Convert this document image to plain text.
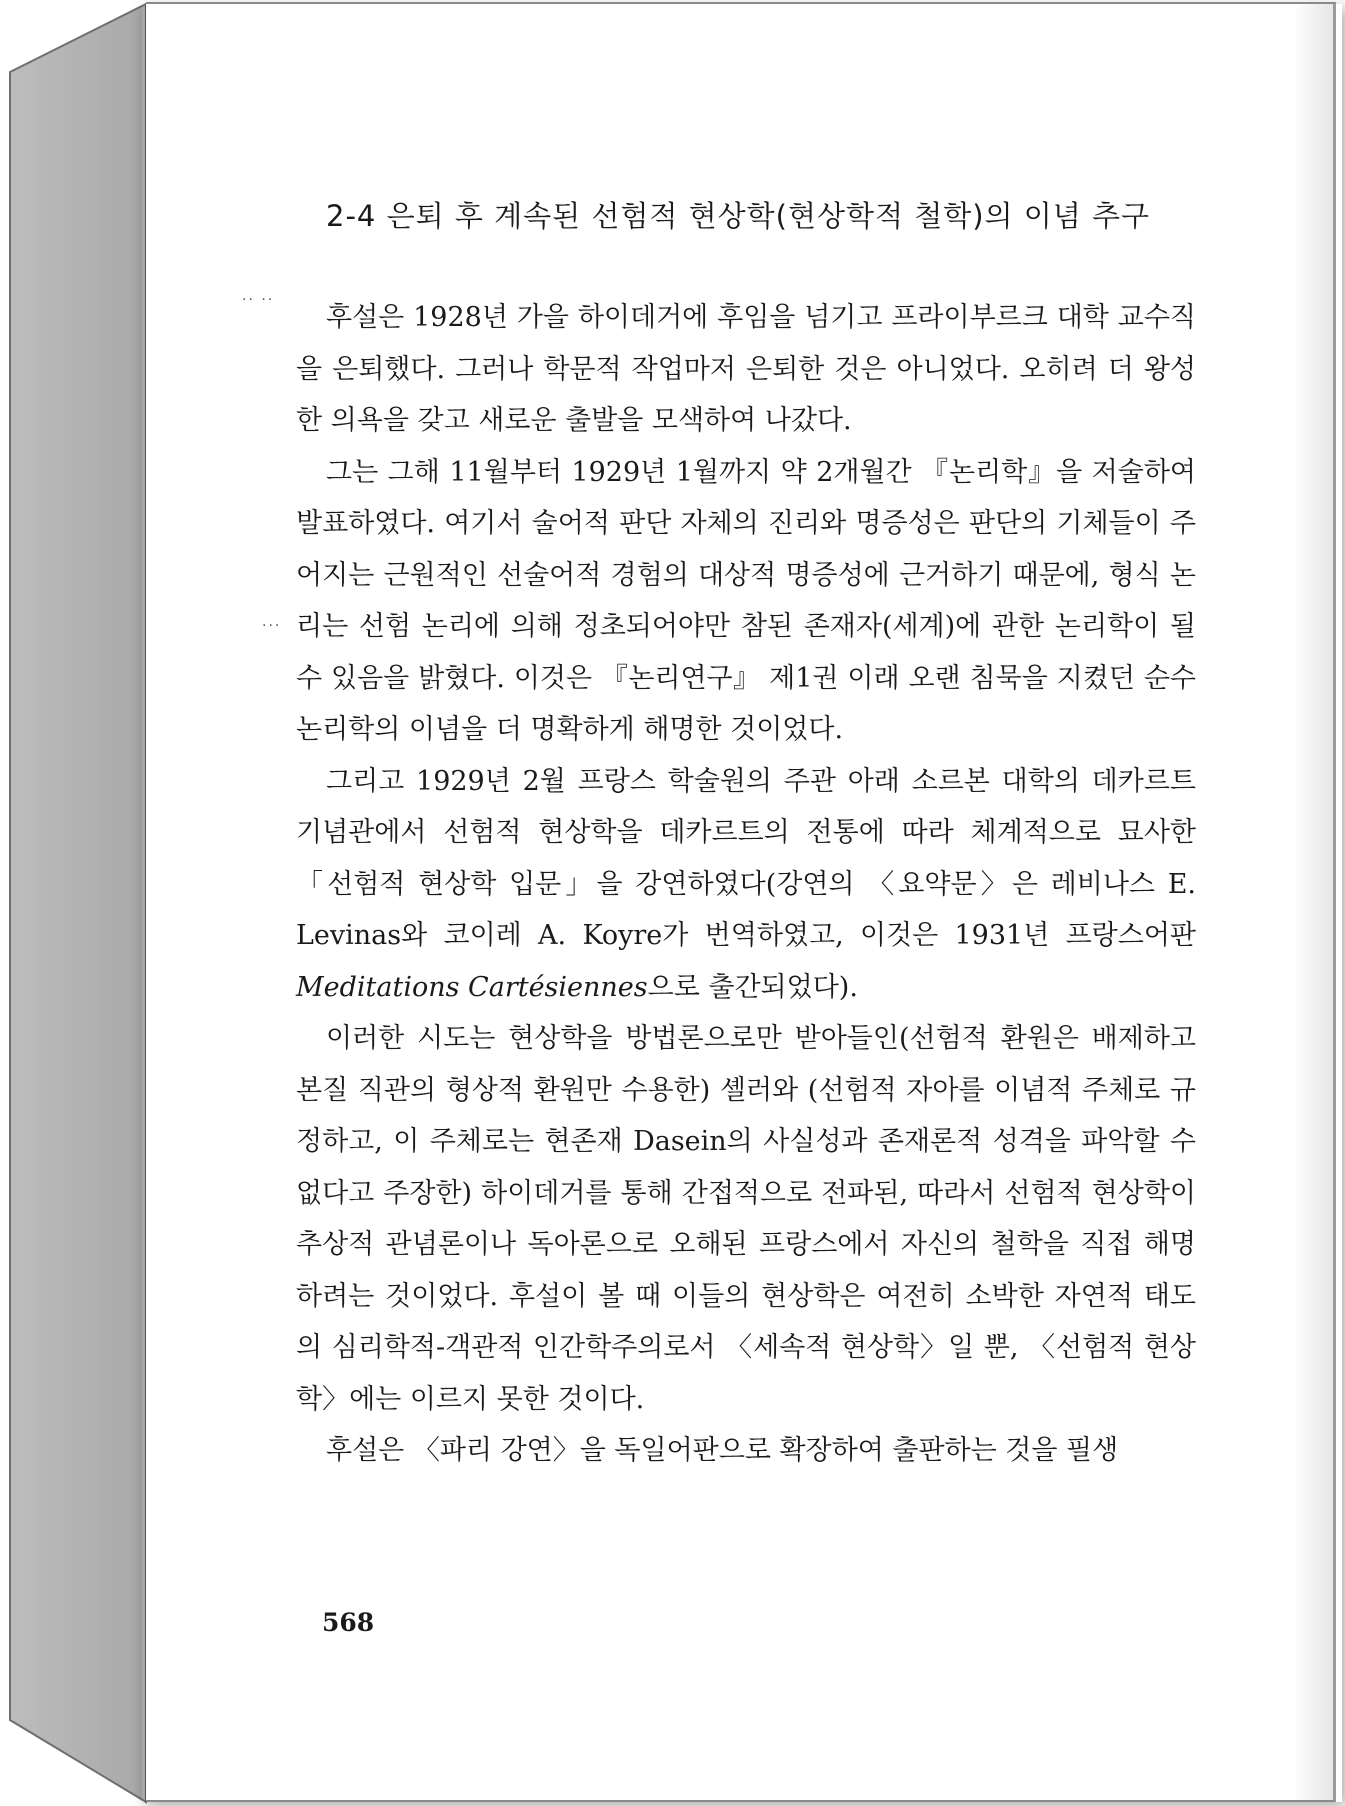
2-4 은퇴 후 계속된 선험적 현상학(현상학적 철학)의 이념 추구

후설은 1928년 가을 하이데거에 후임을 넘기고 프라이부르크 대학 교수직을 은퇴했다. 그러나 학문적 작업마저 은퇴한 것은 아니었다. 오히려 더 왕성한 의욕을 갖고 새로운 출발을 모색하여 나갔다.

그는 그해 11월부터 1929년 1월까지 약 2개월간 『논리학』을 저술하여 발표하였다. 여기서 술어적 판단 자체의 진리와 명증성은 판단의 기체들이 주어지는 근원적인 선술어적 경험의 대상적 명증성에 근거하기 때문에, 형식 논리는 선험 논리에 의해 정초되어야만 참된 존재자(세계)에 관한 논리학이 될 수 있음을 밝혔다. 이것은 『논리연구』 제1권 이래 오랜 침묵을 지켰던 순수 논리학의 이념을 더 명확하게 해명한 것이었다.

그리고 1929년 2월 프랑스 학술원의 주관 아래 소르본 대학의 데카르트 기념관에서 선험적 현상학을 데카르트의 전통에 따라 체계적으로 묘사한 「선험적 현상학 입문」을 강연하였다(강연의 〈요약문〉은 레비나스 E. Levinas와 코이레 A. Koyre가 번역하였고, 이것은 1931년 프랑스어판 Meditations Cartésiennes으로 출간되었다).

이러한 시도는 현상학을 방법론으로만 받아들인(선험적 환원은 배제하고 본질 직관의 형상적 환원만 수용한) 셸러와 (선험적 자아를 이념적 주체로 규정하고, 이 주체로는 현존재 Dasein의 사실성과 존재론적 성격을 파악할 수 없다고 주장한) 하이데거를 통해 간접적으로 전파된, 따라서 선험적 현상학이 추상적 관념론이나 독아론으로 오해된 프랑스에서 자신의 철학을 직접 해명하려는 것이었다. 후설이 볼 때 이들의 현상학은 여전히 소박한 자연적 태도의 심리학적-객관적 인간학주의로서 〈세속적 현상학〉일 뿐, 〈선험적 현상학〉에는 이르지 못한 것이다.

후설은 〈파리 강연〉을 독일어판으로 확장하여 출판하는 것을 필생

.. ..
...

568
